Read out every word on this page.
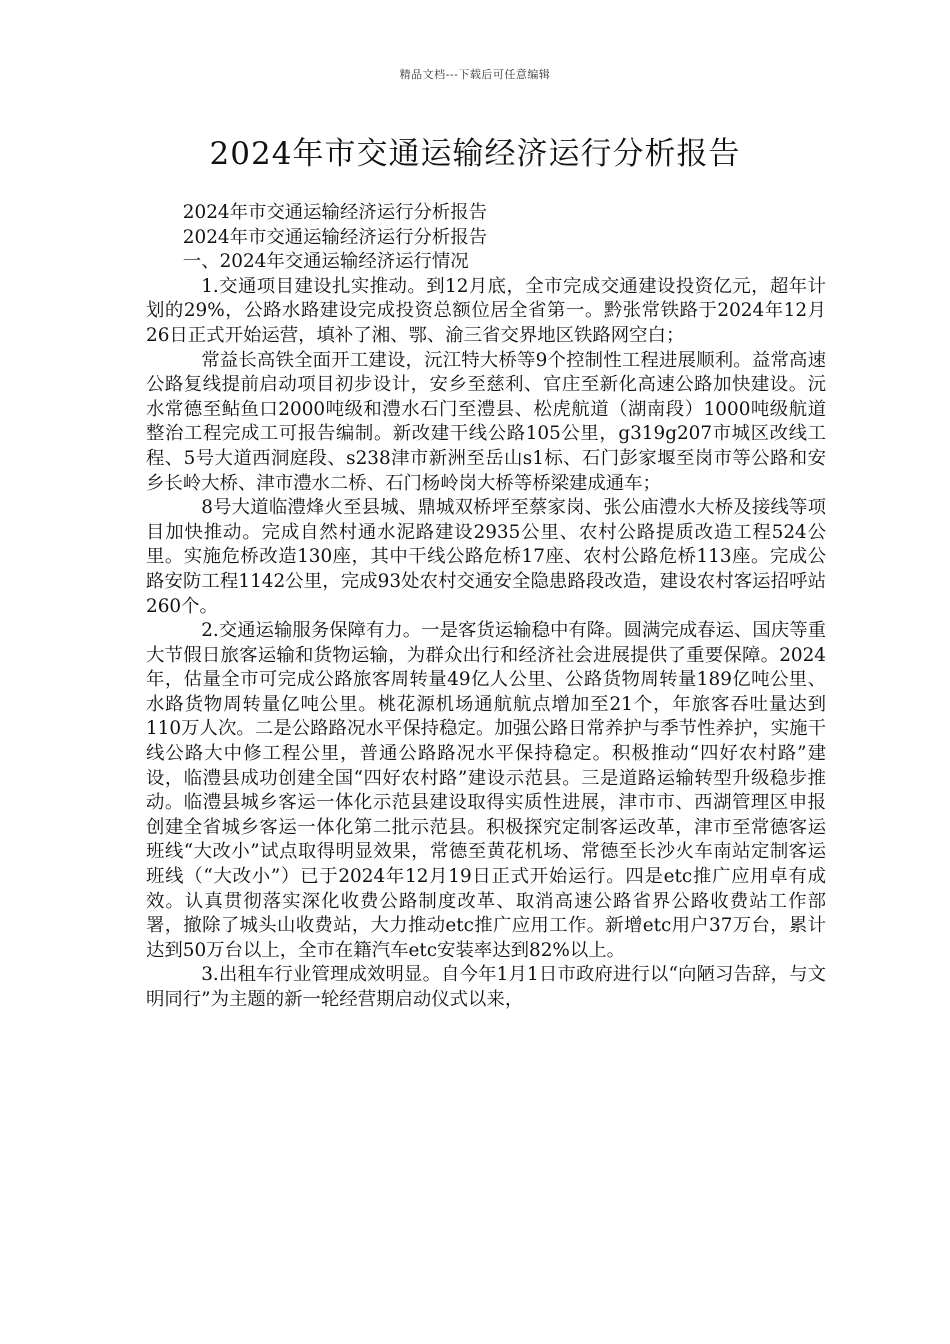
精品文档---下载后可任意编辑
2024年市交通运输经济运行分析报告

2024年市交通运输经济运行分析报告

2024年市交通运输经济运行分析报告

一、2024年交通运输经济运行情况

1.交通项目建设扎实推动。到12月底，全市完成交通建设投资亿元，超年计划的29%，公路水路建设完成投资总额位居全省第一。黔张常铁路于2024年12月26日正式开始运营，填补了湘、鄂、渝三省交界地区铁路网空白；

常益长高铁全面开工建设，沅江特大桥等9个控制性工程进展顺利。益常高速公路复线提前启动项目初步设计，安乡至慈利、官庄至新化高速公路加快建设。沅水常德至鲇鱼口2000吨级和澧水石门至澧县、松虎航道（湖南段）1000吨级航道整治工程完成工可报告编制。新改建干线公路105公里，g319g207市城区改线工程、5号大道西洞庭段、s238津市新洲至岳山s1标、石门彭家堰至岗市等公路和安乡长岭大桥、津市澧水二桥、石门杨岭岗大桥等桥梁建成通车；

8号大道临澧烽火至县城、鼎城双桥坪至蔡家岗、张公庙澧水大桥及接线等项目加快推动。完成自然村通水泥路建设2935公里、农村公路提质改造工程524公里。实施危桥改造130座，其中干线公路危桥17座、农村公路危桥113座。完成公路安防工程1142公里，完成93处农村交通安全隐患路段改造，建设农村客运招呼站260个。

2.交通运输服务保障有力。一是客货运输稳中有降。圆满完成春运、国庆等重大节假日旅客运输和货物运输，为群众出行和经济社会进展提供了重要保障。2024年，估量全市可完成公路旅客周转量49亿人公里、公路货物周转量189亿吨公里、水路货物周转量亿吨公里。桃花源机场通航航点增加至21个，年旅客吞吐量达到110万人次。二是公路路况水平保持稳定。加强公路日常养护与季节性养护，实施干线公路大中修工程公里，普通公路路况水平保持稳定。积极推动“四好农村路”建设，临澧县成功创建全国“四好农村路”建设示范县。三是道路运输转型升级稳步推动。临澧县城乡客运一体化示范县建设取得实质性进展，津市市、西湖管理区申报创建全省城乡客运一体化第二批示范县。积极探究定制客运改革，津市至常德客运班线“大改小”试点取得明显效果，常德至黄花机场、常德至长沙火车南站定制客运班线（“大改小”）已于2024年12月19日正式开始运行。四是etc推广应用卓有成效。认真贯彻落实深化收费公路制度改革、取消高速公路省界公路收费站工作部署，撤除了城头山收费站，大力推动etc推广应用工作。新增etc用户37万台，累计达到50万台以上，全市在籍汽车etc安装率达到82%以上。

3.出租车行业管理成效明显。自今年1月1日市政府进行以“向陋习告辞，与文明同行”为主题的新一轮经营期启动仪式以来，
